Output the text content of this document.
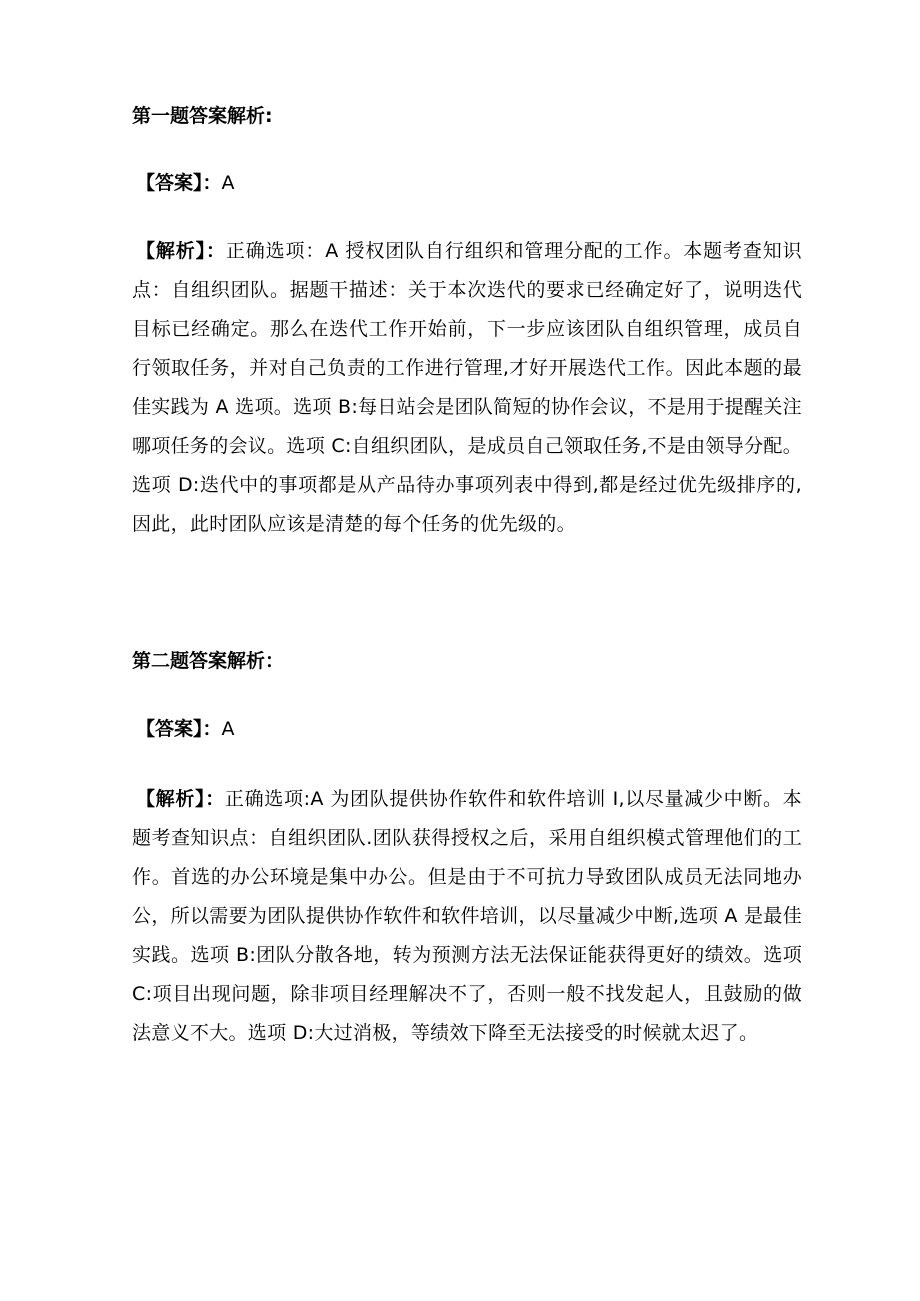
第一题答案解析:
【答案】：A
【解析】：正确选项：A 授权团队自行组织和管理分配的工作。本题考查知识点：自组织团队。据题干描述：关于本次迭代的要求已经确定好了，说明迭代目标已经确定。那么在迭代工作开始前，下一步应该团队自组织管理，成员自行领取任务，并对自己负责的工作进行管理,才好开展迭代工作。因此本题的最佳实践为 A 选项。选项 B:每日站会是团队简短的协作会议，不是用于提醒关注哪项任务的会议。选项 C:自组织团队，是成员自己领取任务,不是由领导分配。选项 D:迭代中的事项都是从产品待办事项列表中得到,都是经过优先级排序的,因此，此时团队应该是清楚的每个任务的优先级的。
第二题答案解析：
【答案】：A
【解析】：正确选项:A 为团队提供协作软件和软件培训 I,以尽量减少中断。本题考查知识点：自组织团队.团队获得授权之后，采用自组织模式管理他们的工作。首选的办公环境是集中办公。但是由于不可抗力导致团队成员无法同地办公，所以需要为团队提供协作软件和软件培训，以尽量减少中断,选项 A 是最佳实践。选项 B:团队分散各地，转为预测方法无法保证能获得更好的绩效。选项 C:项目出现问题，除非项目经理解决不了，否则一般不找发起人，且鼓励的做法意义不大。选项 D:大过消极，等绩效下降至无法接受的时候就太迟了。
